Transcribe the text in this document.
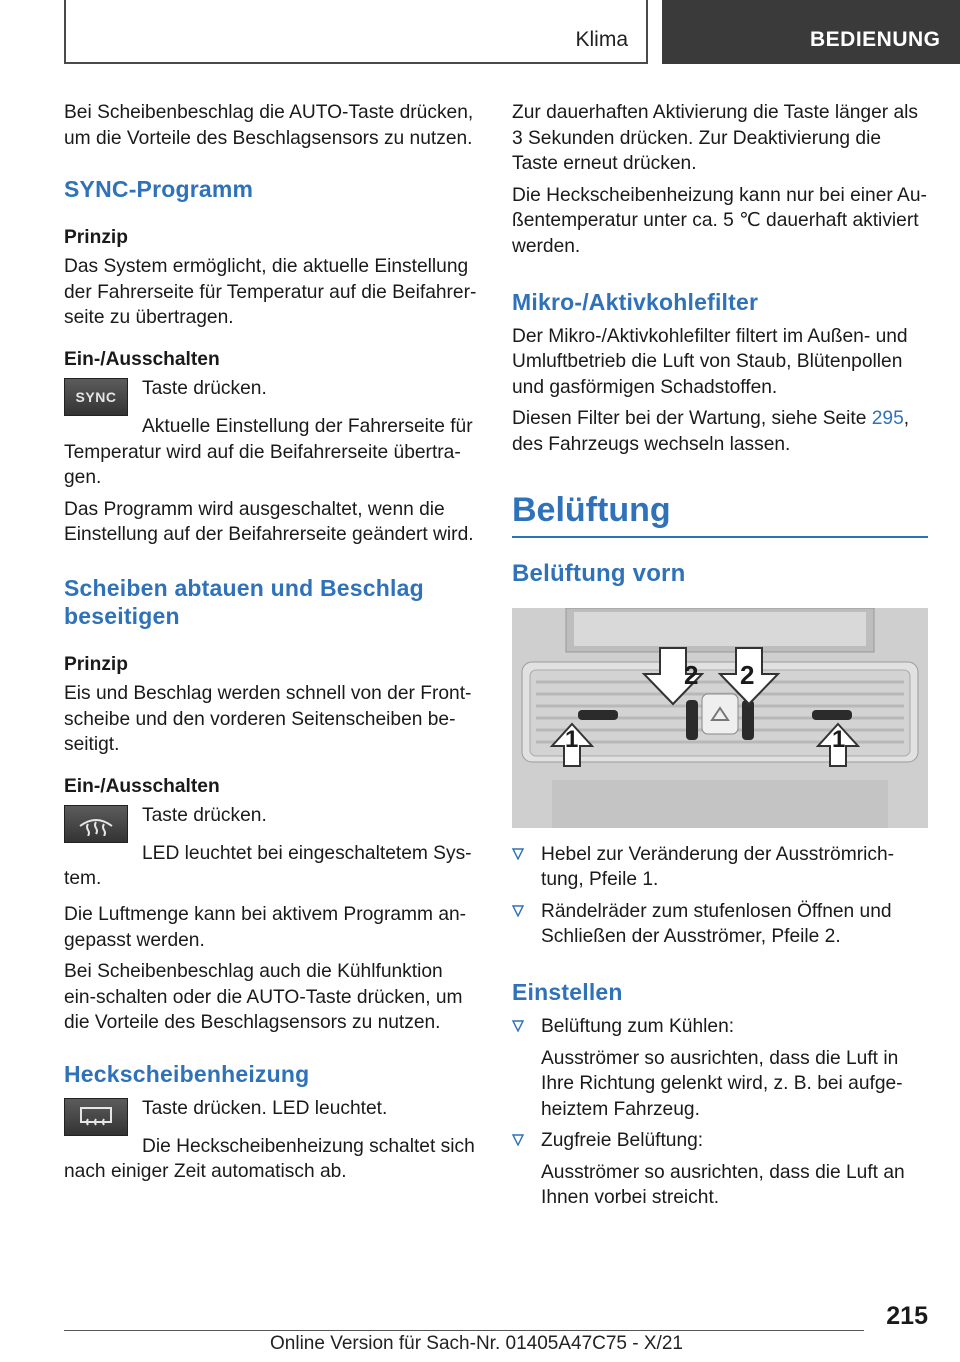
Klima	BEDIENUNG

Bei Scheibenbeschlag die AUTO-Taste drücken, um die Vorteile des Beschlagsensors zu nutzen.

SYNC-Programm
Prinzip

Das System ermöglicht, die aktuelle Einstellung der Fahrerseite für Temperatur auf die Beifahrer-seite zu übertragen.

Ein-/Ausschalten
SYNC	Taste drücken.

Aktuelle Einstellung der Fahrerseite für Temperatur wird auf die Beifahrerseite übertra-gen.

Das Programm wird ausgeschaltet, wenn die Einstellung auf der Beifahrerseite geändert wird.

Scheiben abtauen und Beschlag beseitigen
Prinzip

Eis und Beschlag werden schnell von der Front-scheibe und den vorderen Seitenscheiben be-seitigt.

Ein-/Ausschalten

Taste drücken.

LED leuchtet bei eingeschaltetem Sys-tem.

Die Luftmenge kann bei aktivem Programm an-gepasst werden.

Bei Scheibenbeschlag auch die Kühlfunktion ein-schalten oder die AUTO-Taste drücken, um die Vorteile des Beschlagsensors zu nutzen.

Heckscheibenheizung

Taste drücken. LED leuchtet.

Die Heckscheibenheizung schaltet sich nach einiger Zeit automatisch ab.

Zur dauerhaften Aktivierung die Taste länger als 3 Sekunden drücken. Zur Deaktivierung die Taste erneut drücken.

Die Heckscheibenheizung kann nur bei einer Au-ßentemperatur unter ca. 5 ℃ dauerhaft aktiviert werden.

Mikro-/Aktivkohlefilter

Der Mikro-/Aktivkohlefilter filtert im Außen- und Umluftbetrieb die Luft von Staub, Blütenpollen und gasförmigen Schadstoffen.

Diesen Filter bei der Wartung, siehe Seite 295, des Fahrzeugs wechseln lassen.

Belüftung
Belüftung vorn
2 2
1	1

Hebel zur Veränderung der Ausströmrich-tung, Pfeile 1.

Rändelräder zum stufenlosen Öffnen und Schließen der Ausströmer, Pfeile 2.

Einstellen

Belüftung zum Kühlen:

Ausströmer so ausrichten, dass die Luft in Ihre Richtung gelenkt wird, z. B. bei aufge-heiztem Fahrzeug.

Zugfreie Belüftung:

Ausströmer so ausrichten, dass die Luft an Ihnen vorbei streicht.

215
Online Version für Sach-Nr. 01405A47C75 - X/21
